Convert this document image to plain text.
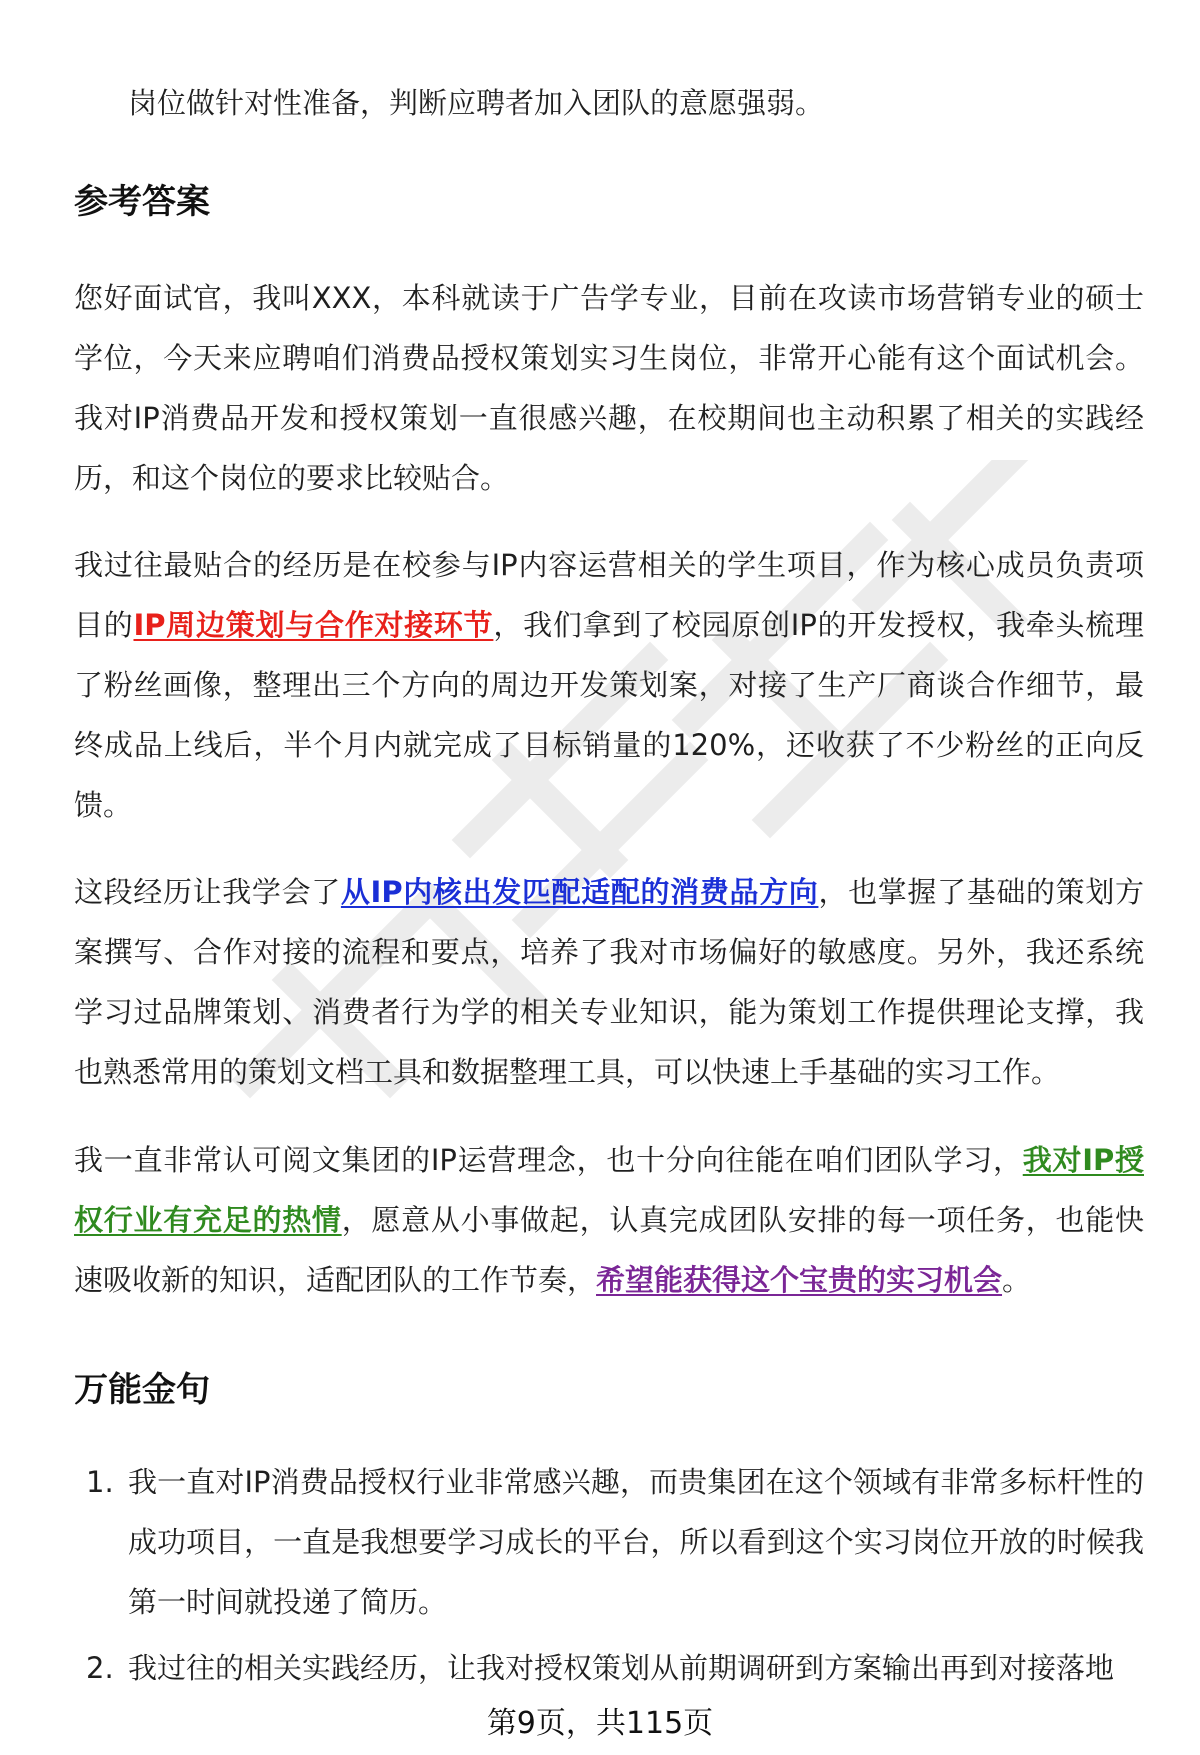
岗位做针对性准备，判断应聘者加入团队的意愿强弱。

参考答案

您好面试官，我叫XXX，本科就读于广告学专业，目前在攻读市场营销专业的硕士学位，今天来应聘咱们消费品授权策划实习生岗位，非常开心能有这个面试机会。我对IP消费品开发和授权策划一直很感兴趣，在校期间也主动积累了相关的实践经历，和这个岗位的要求比较贴合。

我过往最贴合的经历是在校参与IP内容运营相关的学生项目，作为核心成员负责项目的IP周边策划与合作对接环节，我们拿到了校园原创IP的开发授权，我牵头梳理了粉丝画像，整理出三个方向的周边开发策划案，对接了生产厂商谈合作细节，最终成品上线后，半个月内就完成了目标销量的120%，还收获了不少粉丝的正向反馈。

这段经历让我学会了从IP内核出发匹配适配的消费品方向，也掌握了基础的策划方案撰写、合作对接的流程和要点，培养了我对市场偏好的敏感度。另外，我还系统学习过品牌策划、消费者行为学的相关专业知识，能为策划工作提供理论支撑，我也熟悉常用的策划文档工具和数据整理工具，可以快速上手基础的实习工作。

我一直非常认可阅文集团的IP运营理念，也十分向往能在咱们团队学习，我对IP授权行业有充足的热情，愿意从小事做起，认真完成团队安排的每一项任务，也能快速吸收新的知识，适配团队的工作节奏，希望能获得这个宝贵的实习机会。

万能金句
1. 我一直对IP消费品授权行业非常感兴趣，而贵集团在这个领域有非常多标杆性的成功项目，一直是我想要学习成长的平台，所以看到这个实习岗位开放的时候我第一时间就投递了简历。
2. 我过往的相关实践经历，让我对授权策划从前期调研到方案输出再到对接落地
第9页，共115页
